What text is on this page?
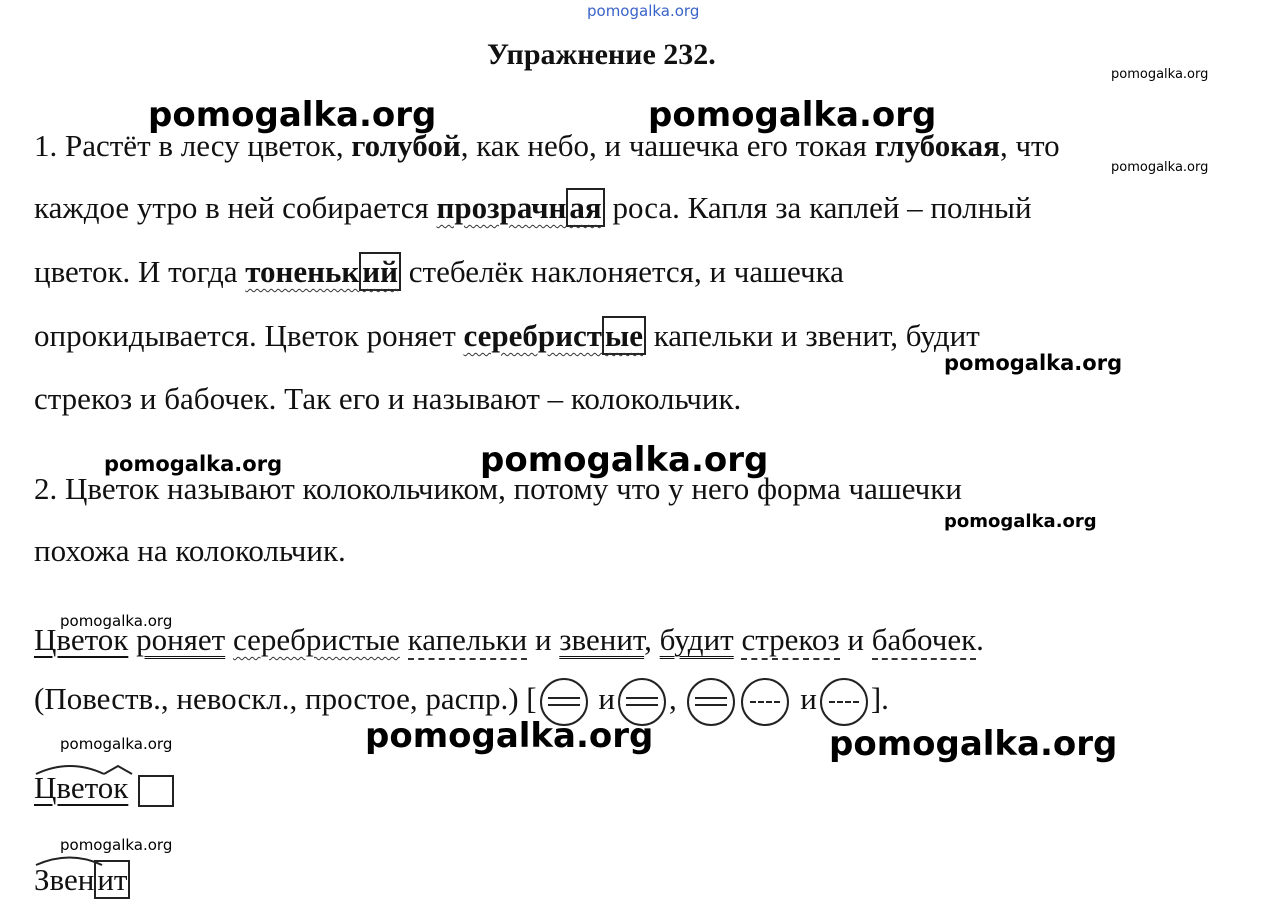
pomogalka.org
pomogalka.org
pomogalka.org	pomogalka.org
pomogalka.org
pomogalka.org
pomogalka.org	pomogalka.org
pomogalka.org
pomogalka.org
pomogalka.org	pomogalka.org
pomogalka.org
pomogalka.org
Упражнение 232.
1. Растёт в лесу цветок, голубой, как небо, и чашечка его токая глубокая, что
каждое утро в ней собирается прозрачная роса. Капля за каплей – полный
цветок. И тогда тоненький стебелёк наклоняется, и чашечка
опрокидывается. Цветок роняет серебристые капельки и звенит, будит
стрекоз и бабочек. Так его и называют – колокольчик.
2. Цветок называют колокольчиком, потому что у него форма чашечки
похожа на колокольчик.
Цветок роняет серебристые капельки и звенит, будит стрекоз и бабочек.
(Повеств., невоскл., простое, распр.) [ и ,	и ].
Цветок
Звенит
